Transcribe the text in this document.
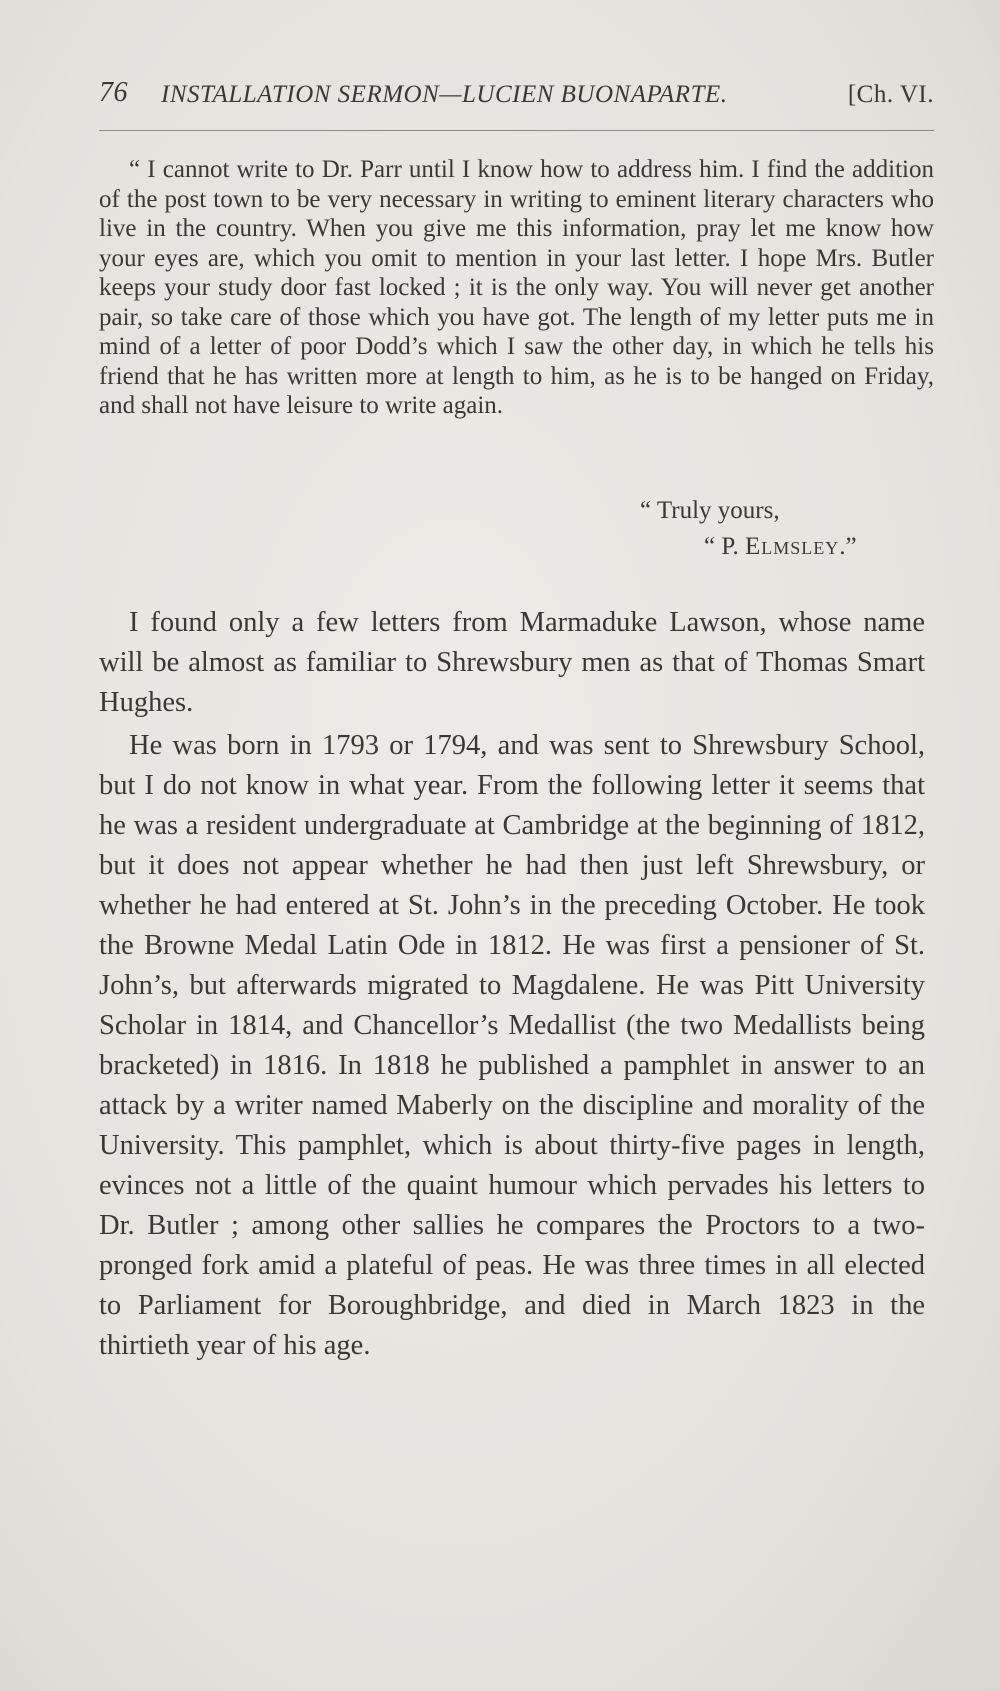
76 INSTALLATION SERMON—LUCIEN BUONAPARTE.	[Ch. VI.

“ I cannot write to Dr. Parr until I know how to address him. I find the addition of the post town to be very necessary in writing to eminent literary characters who live in the country. When you give me this information, pray let me know how your eyes are, which you omit to mention in your last letter. I hope Mrs. Butler keeps your study door fast locked ; it is the only way. You will never get another pair, so take care of those which you have got. The length of my letter puts me in mind of a letter of poor Dodd’s which I saw the other day, in which he tells his friend that he has written more at length to him, as he is to be hanged on Friday, and shall not have leisure to write again.

“ Truly yours,

“ P. Elmsley.”

I found only a few letters from Marmaduke Lawson, whose name will be almost as familiar to Shrewsbury men as that of Thomas Smart Hughes.

He was born in 1793 or 1794, and was sent to Shrewsbury School, but I do not know in what year. From the following letter it seems that he was a resident undergraduate at Cambridge at the beginning of 1812, but it does not appear whether he had then just left Shrewsbury, or whether he had entered at St. John’s in the preceding October. He took the Browne Medal Latin Ode in 1812. He was first a pensioner of St. John’s, but afterwards migrated to Magdalene. He was Pitt University Scholar in 1814, and Chancellor’s Medallist (the two Medallists being bracketed) in 1816. In 1818 he published a pamphlet in answer to an attack by a writer named Maberly on the discipline and morality of the University. This pamphlet, which is about thirty-five pages in length, evinces not a little of the quaint humour which pervades his letters to Dr. Butler ; among other sallies he compares the Proctors to a two-pronged fork amid a plateful of peas. He was three times in all elected to Parliament for Boroughbridge, and died in March 1823 in the thirtieth year of his age.
